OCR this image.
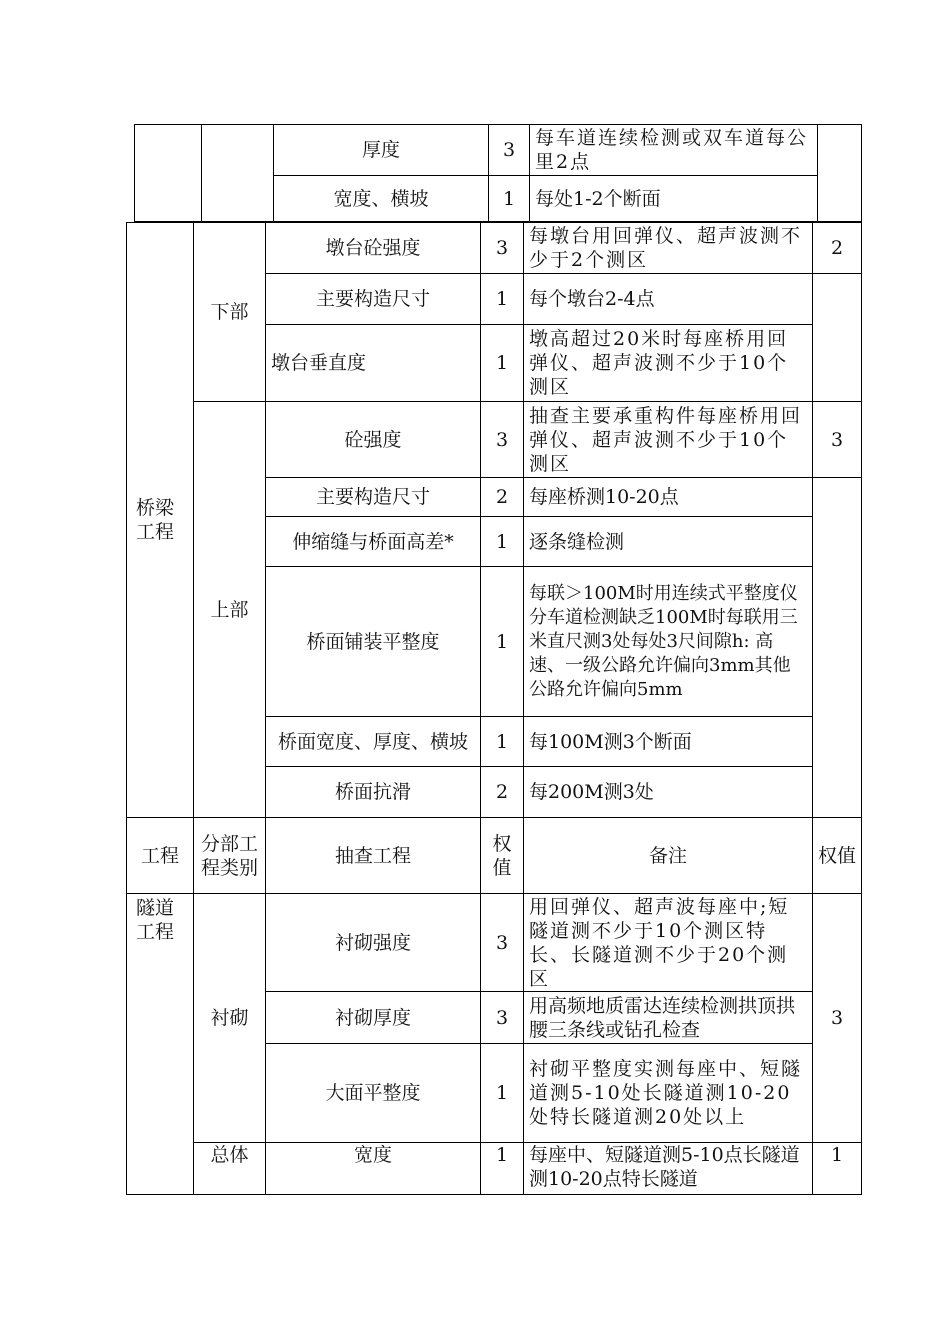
		厚度	3	每车道连续检测或双车道每公里2点	
		宽度、横坡	1	每处1-2个断面	
桥梁工程	下部	墩台砼强度	3	每墩台用回弹仪、超声波测不少于2个测区	2
		主要构造尺寸	1	每个墩台2-4点	
		墩台垂直度	1	墩高超过20米时每座桥用回弹仪、超声波测不少于10个测区	
	上部	砼强度	3	抽查主要承重构件每座桥用回弹仪、超声波测不少于10个测区	3
		主要构造尺寸	2	每座桥测10-20点	
		伸缩缝与桥面高差*	1	逐条缝检测	
		桥面铺装平整度	1	每联＞100M时用连续式平整度仪分车道检测缺乏100M时每联用三米直尺测3处每处3尺间隙h: 高速、一级公路允许偏向3mm其他公路允许偏向5mm	
		桥面宽度、厚度、横坡	1	每100M测3个断面	
		桥面抗滑	2	每200M测3处	
工程	分部工程类别	抽查工程	权值	备注	权值
隧道工程	衬砌	衬砌强度	3	用回弹仪、超声波每座中;短隧道测不少于10个测区特长、长隧道测不少于20个测区	3
		衬砌厚度	3	用高频地质雷达连续检测拱顶拱腰三条线或钻孔检查	
		大面平整度	1	衬砌平整度实测每座中、短隧道测5-10处长隧道测10-20处特长隧道测20处以上	
	总体	宽度	1	每座中、短隧道测5-10点长隧道测10-20点特长隧道	1
